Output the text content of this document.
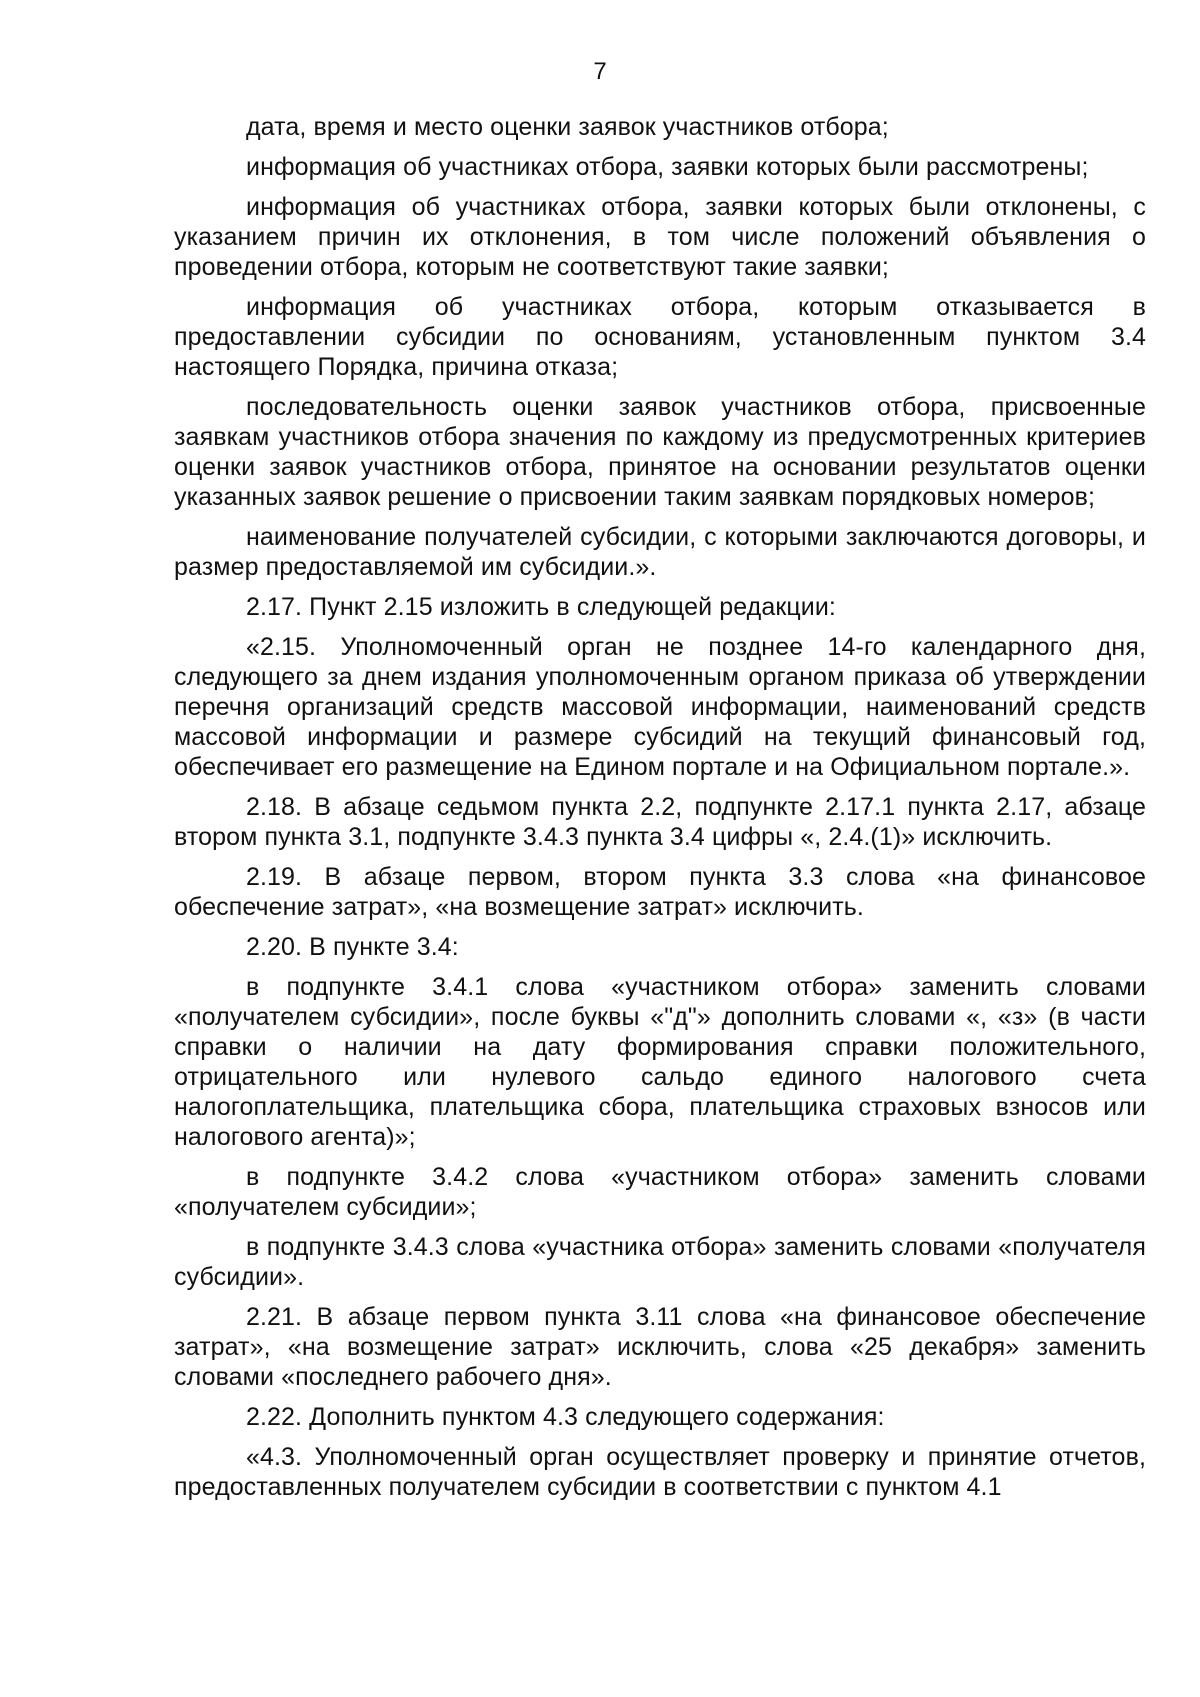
7

дата, время и место оценки заявок участников отбора;

информация об участниках отбора, заявки которых были рассмотрены;

информация об участниках отбора, заявки которых были отклонены, с указанием причин их отклонения, в том числе положений объявления о проведении отбора, которым не соответствуют такие заявки;

информация об участниках отбора, которым отказывается в предоставлении субсидии по основаниям, установленным пунктом 3.4 настоящего Порядка, причина отказа;

последовательность оценки заявок участников отбора, присвоенные заявкам участников отбора значения по каждому из предусмотренных критериев оценки заявок участников отбора, принятое на основании результатов оценки указанных заявок решение о присвоении таким заявкам порядковых номеров;

наименование получателей субсидии, с которыми заключаются договоры, и размер предоставляемой им субсидии.».

2.17. Пункт 2.15 изложить в следующей редакции:

«2.15. Уполномоченный орган не позднее 14-го календарного дня, следующего за днем издания уполномоченным органом приказа об утверждении перечня организаций средств массовой информации, наименований средств массовой информации и размере субсидий на текущий финансовый год, обеспечивает его размещение на Едином портале и на Официальном портале.».

2.18. В абзаце седьмом пункта 2.2, подпункте 2.17.1 пункта 2.17, абзаце втором пункта 3.1, подпункте 3.4.3 пункта 3.4 цифры «, 2.4.(1)» исключить.

2.19. В абзаце первом, втором пункта 3.3 слова «на финансовое обеспечение затрат», «на возмещение затрат» исключить.

2.20. В пункте 3.4:

в подпункте 3.4.1 слова «участником отбора» заменить словами «получателем субсидии», после буквы «"д"» дополнить словами «, «з» (в части справки о наличии на дату формирования справки положительного, отрицательного или нулевого сальдо единого налогового счета налогоплательщика, плательщика сбора, плательщика страховых взносов или налогового агента)»;

в подпункте 3.4.2 слова «участником отбора» заменить словами «получателем субсидии»;

в подпункте 3.4.3 слова «участника отбора» заменить словами «получателя субсидии».

2.21. В абзаце первом пункта 3.11 слова «на финансовое обеспечение затрат», «на возмещение затрат» исключить, слова «25 декабря» заменить словами «последнего рабочего дня».

2.22. Дополнить пунктом 4.3 следующего содержания:

«4.3. Уполномоченный орган осуществляет проверку и принятие отчетов, предоставленных получателем субсидии в соответствии с пунктом 4.1
